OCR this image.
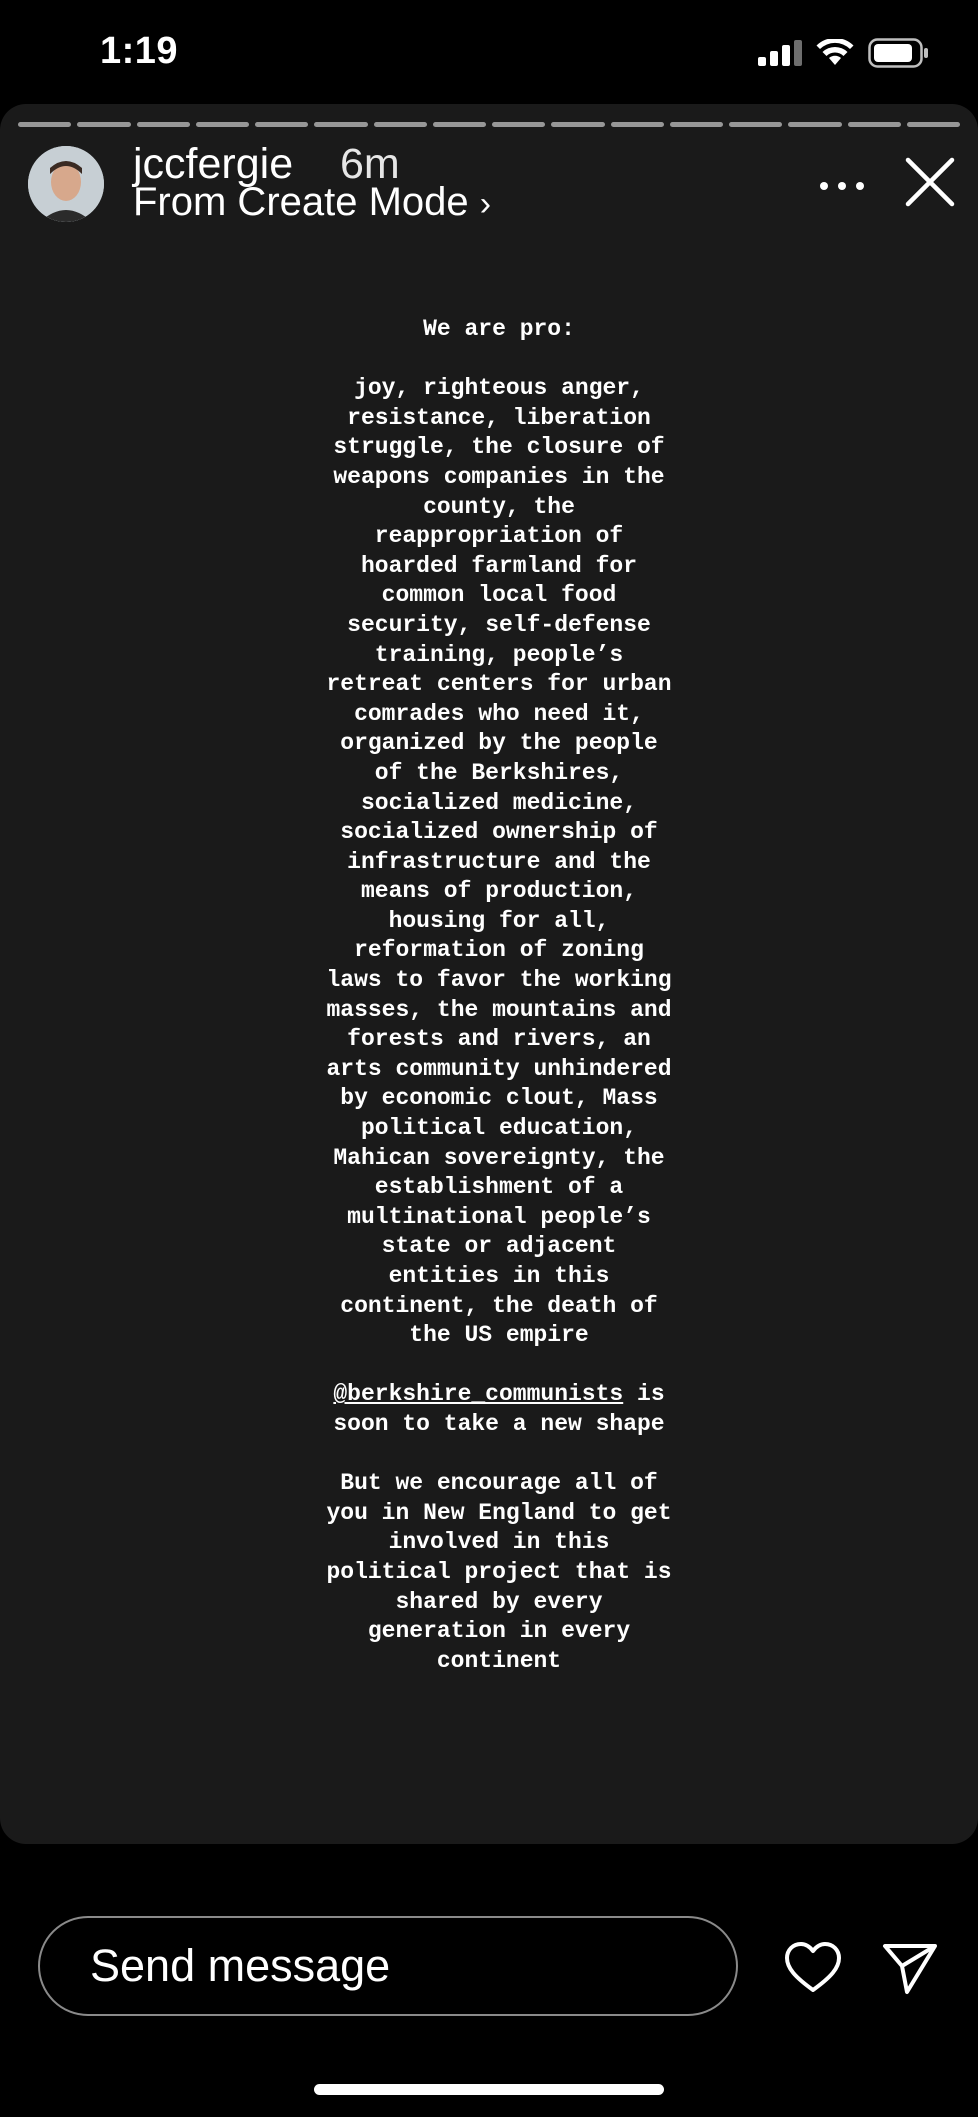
1:19
jccfergie 6m
From Create Mode ›
We are pro:

joy, righteous anger,
resistance, liberation
struggle, the closure of
weapons companies in the
county, the
reappropriation of
hoarded farmland for
common local food
security, self-defense
training, people’s
retreat centers for urban
comrades who need it,
organized by the people
of the Berkshires,
socialized medicine,
socialized ownership of
infrastructure and the
means of production,
housing for all,
reformation of zoning
laws to favor the working
masses, the mountains and
forests and rivers, an
arts community unhindered
by economic clout, Mass
political education,
Mahican sovereignty, the
establishment of a
multinational people’s
state or adjacent
entities in this
continent, the death of
the US empire

@berkshire_communists is
soon to take a new shape

But we encourage all of
you in New England to get
involved in this
political project that is
shared by every
generation in every
continent
Send message
